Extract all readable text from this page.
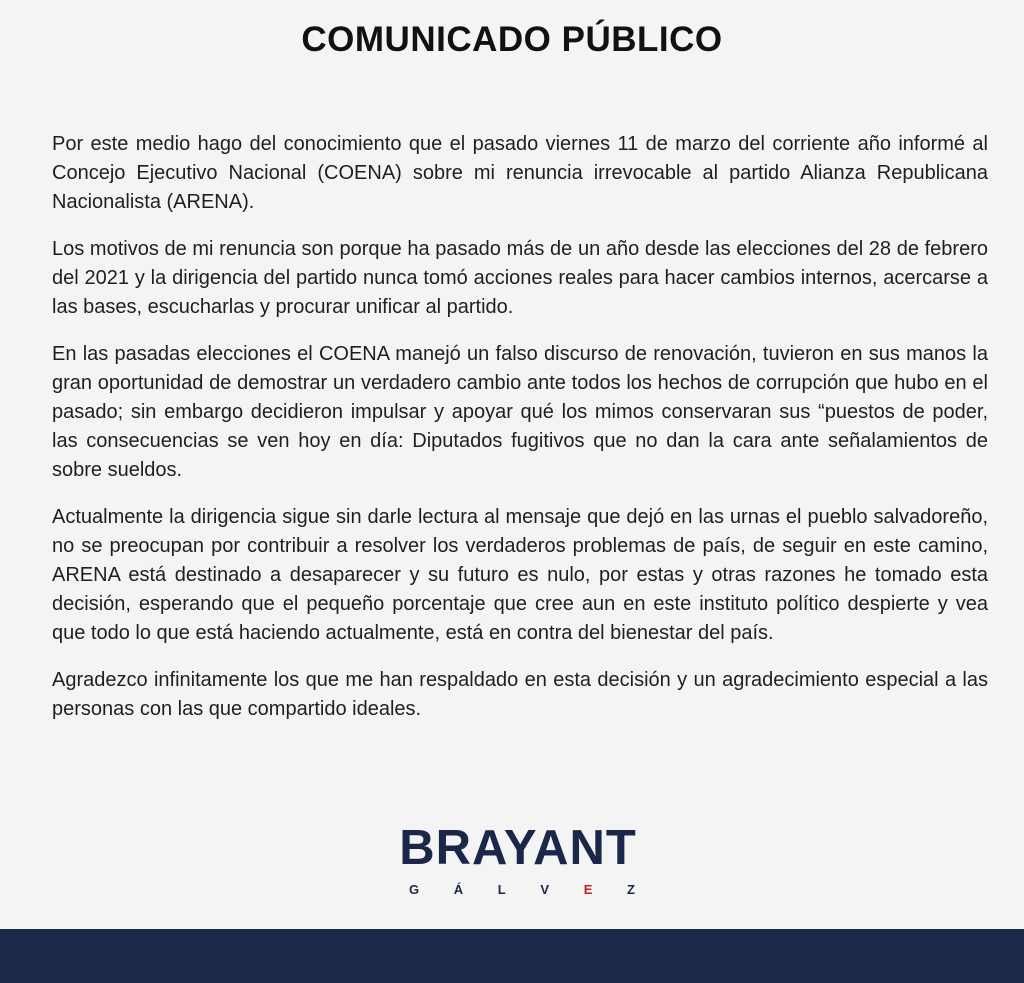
COMUNICADO PÚBLICO

Por este medio hago del conocimiento que el pasado viernes 11 de marzo del corriente año informé al Concejo Ejecutivo Nacional (COENA) sobre mi renuncia irrevocable al partido Alianza Republicana Nacionalista (ARENA).

Los motivos de mi renuncia son porque ha pasado más de un año desde las elecciones del 28 de febrero del 2021 y la dirigencia del partido nunca tomó acciones reales para hacer cambios internos, acercarse a las bases, escucharlas y procurar unificar al partido.

En las pasadas elecciones el COENA manejó un falso discurso de renovación, tuvieron en sus manos la gran oportunidad de demostrar un verdadero cambio ante todos los hechos de corrupción que hubo en el pasado; sin embargo decidieron impulsar y apoyar qué los mimos conservaran sus “puestos de poder, las consecuencias se ven hoy en día: Diputados fugitivos que no dan la cara ante señalamientos de sobre sueldos.

Actualmente la dirigencia sigue sin darle lectura al mensaje que dejó en las urnas el pueblo salvadoreño, no se preocupan por contribuir a resolver los verdaderos problemas de país, de seguir en este camino, ARENA está destinado a desaparecer y su futuro es nulo, por estas y otras razones he tomado esta decisión, esperando que el pequeño porcentaje que cree aun en este instituto político despierte y vea que todo lo que está haciendo actualmente, está en contra del bienestar del país.

Agradezco infinitamente los que me han respaldado en esta decisión y un agradecimiento especial a las personas con las que compartido ideales.

BRAYANT
G	Á	L	V	E	Z
